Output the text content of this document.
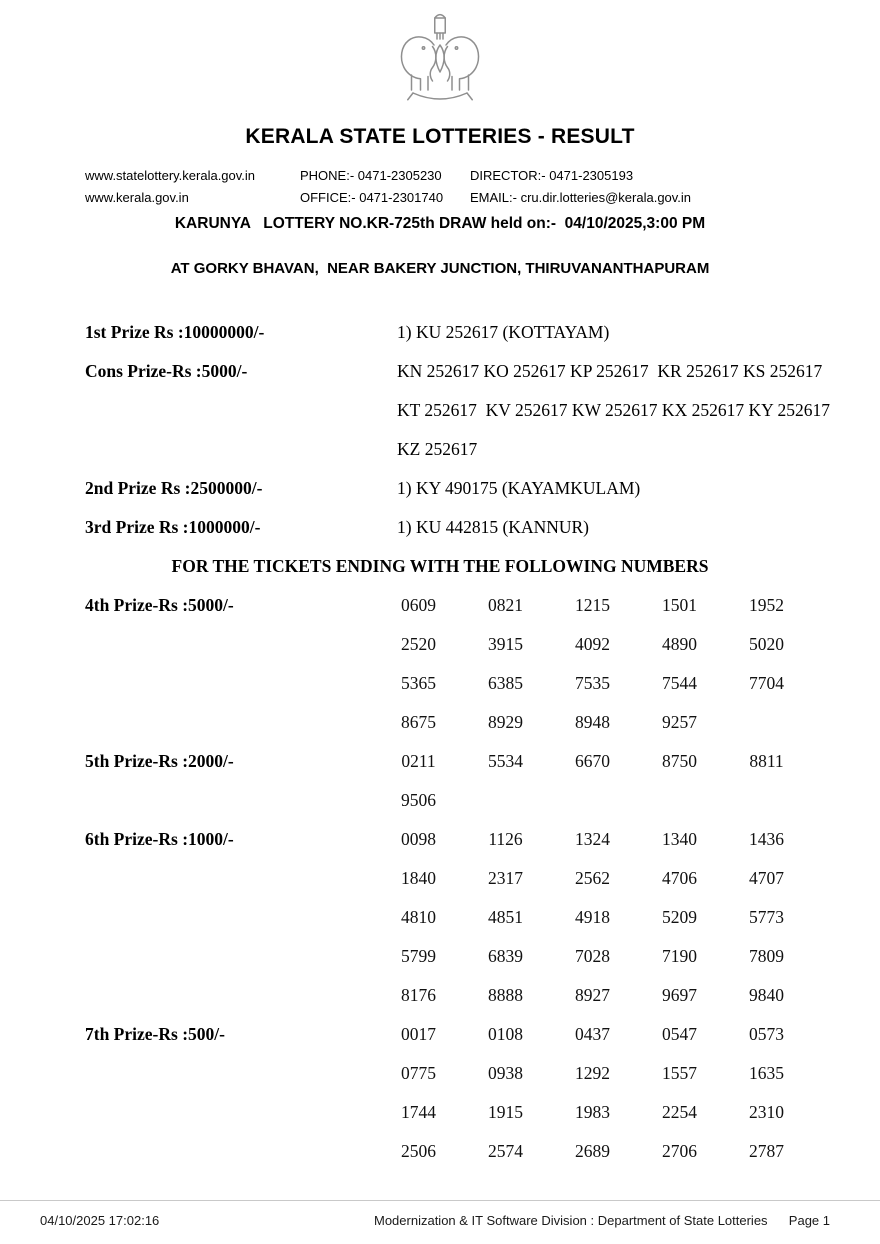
KERALA STATE LOTTERIES - RESULT
www.statelottery.kerala.gov.in	PHONE:- 0471-2305230	DIRECTOR:- 0471-2305193
www.kerala.gov.in	OFFICE:- 0471-2301740	EMAIL:- cru.dir.lotteries@kerala.gov.in
KARUNYA   LOTTERY NO.KR-725th DRAW held on:-  04/10/2025,3:00 PM
AT GORKY BHAVAN,  NEAR BAKERY JUNCTION, THIRUVANANTHAPURAM
1st Prize Rs :10000000/-	1) KU 252617 (KOTTAYAM)
Cons Prize-Rs :5000/-	KN 252617 KO 252617 KP 252617  KR 252617 KS 252617
KT 252617  KV 252617 KW 252617 KX 252617 KY 252617
KZ 252617
2nd Prize Rs :2500000/-	1) KY 490175 (KAYAMKULAM)
3rd Prize Rs :1000000/-	1) KU 442815 (KANNUR)
FOR THE TICKETS ENDING WITH THE FOLLOWING NUMBERS
4th Prize-Rs :5000/-	0609	0821	1215	1501	1952
2520	3915	4092	4890	5020
5365	6385	7535	7544	7704
8675	8929	8948	9257
5th Prize-Rs :2000/-	0211	5534	6670	8750	8811
9506
6th Prize-Rs :1000/-	0098	1126	1324	1340	1436
1840	2317	2562	4706	4707
4810	4851	4918	5209	5773
5799	6839	7028	7190	7809
8176	8888	8927	9697	9840
7th Prize-Rs :500/-	0017	0108	0437	0547	0573
0775	0938	1292	1557	1635
1744	1915	1983	2254	2310
2506	2574	2689	2706	2787
04/10/2025 17:02:16	Modernization & IT Software Division : Department of State Lotteries Page 1
